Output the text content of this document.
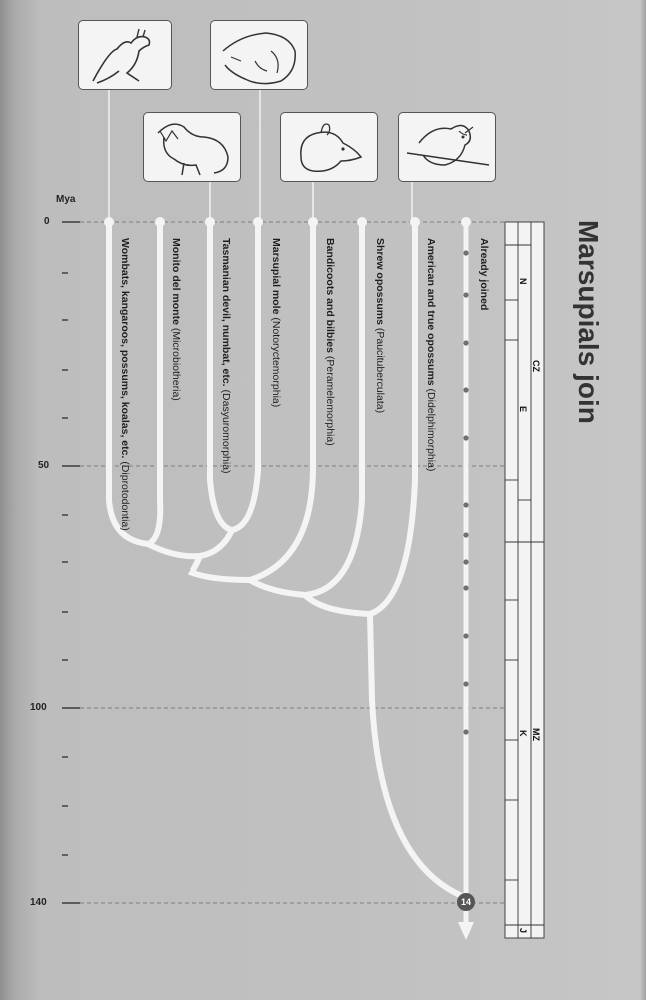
Mya
0
50
100
140
Wombats, kangaroos, possums, koalas, etc. (Diprotodontia)
Monito del monte (Microbiotheria)	Tasmanian devil, numbat, etc. (Dasyuromorphia)
Marsupial mole (Notoryctemorphia)
Bandicoots and bilbies (Peramelemorphia)
Shrew opossums (Paucituberculata)	American and true opossums (Didelphimorphia)
Already joined	N
CZ
E
K MZ
J
14
Marsupials join
